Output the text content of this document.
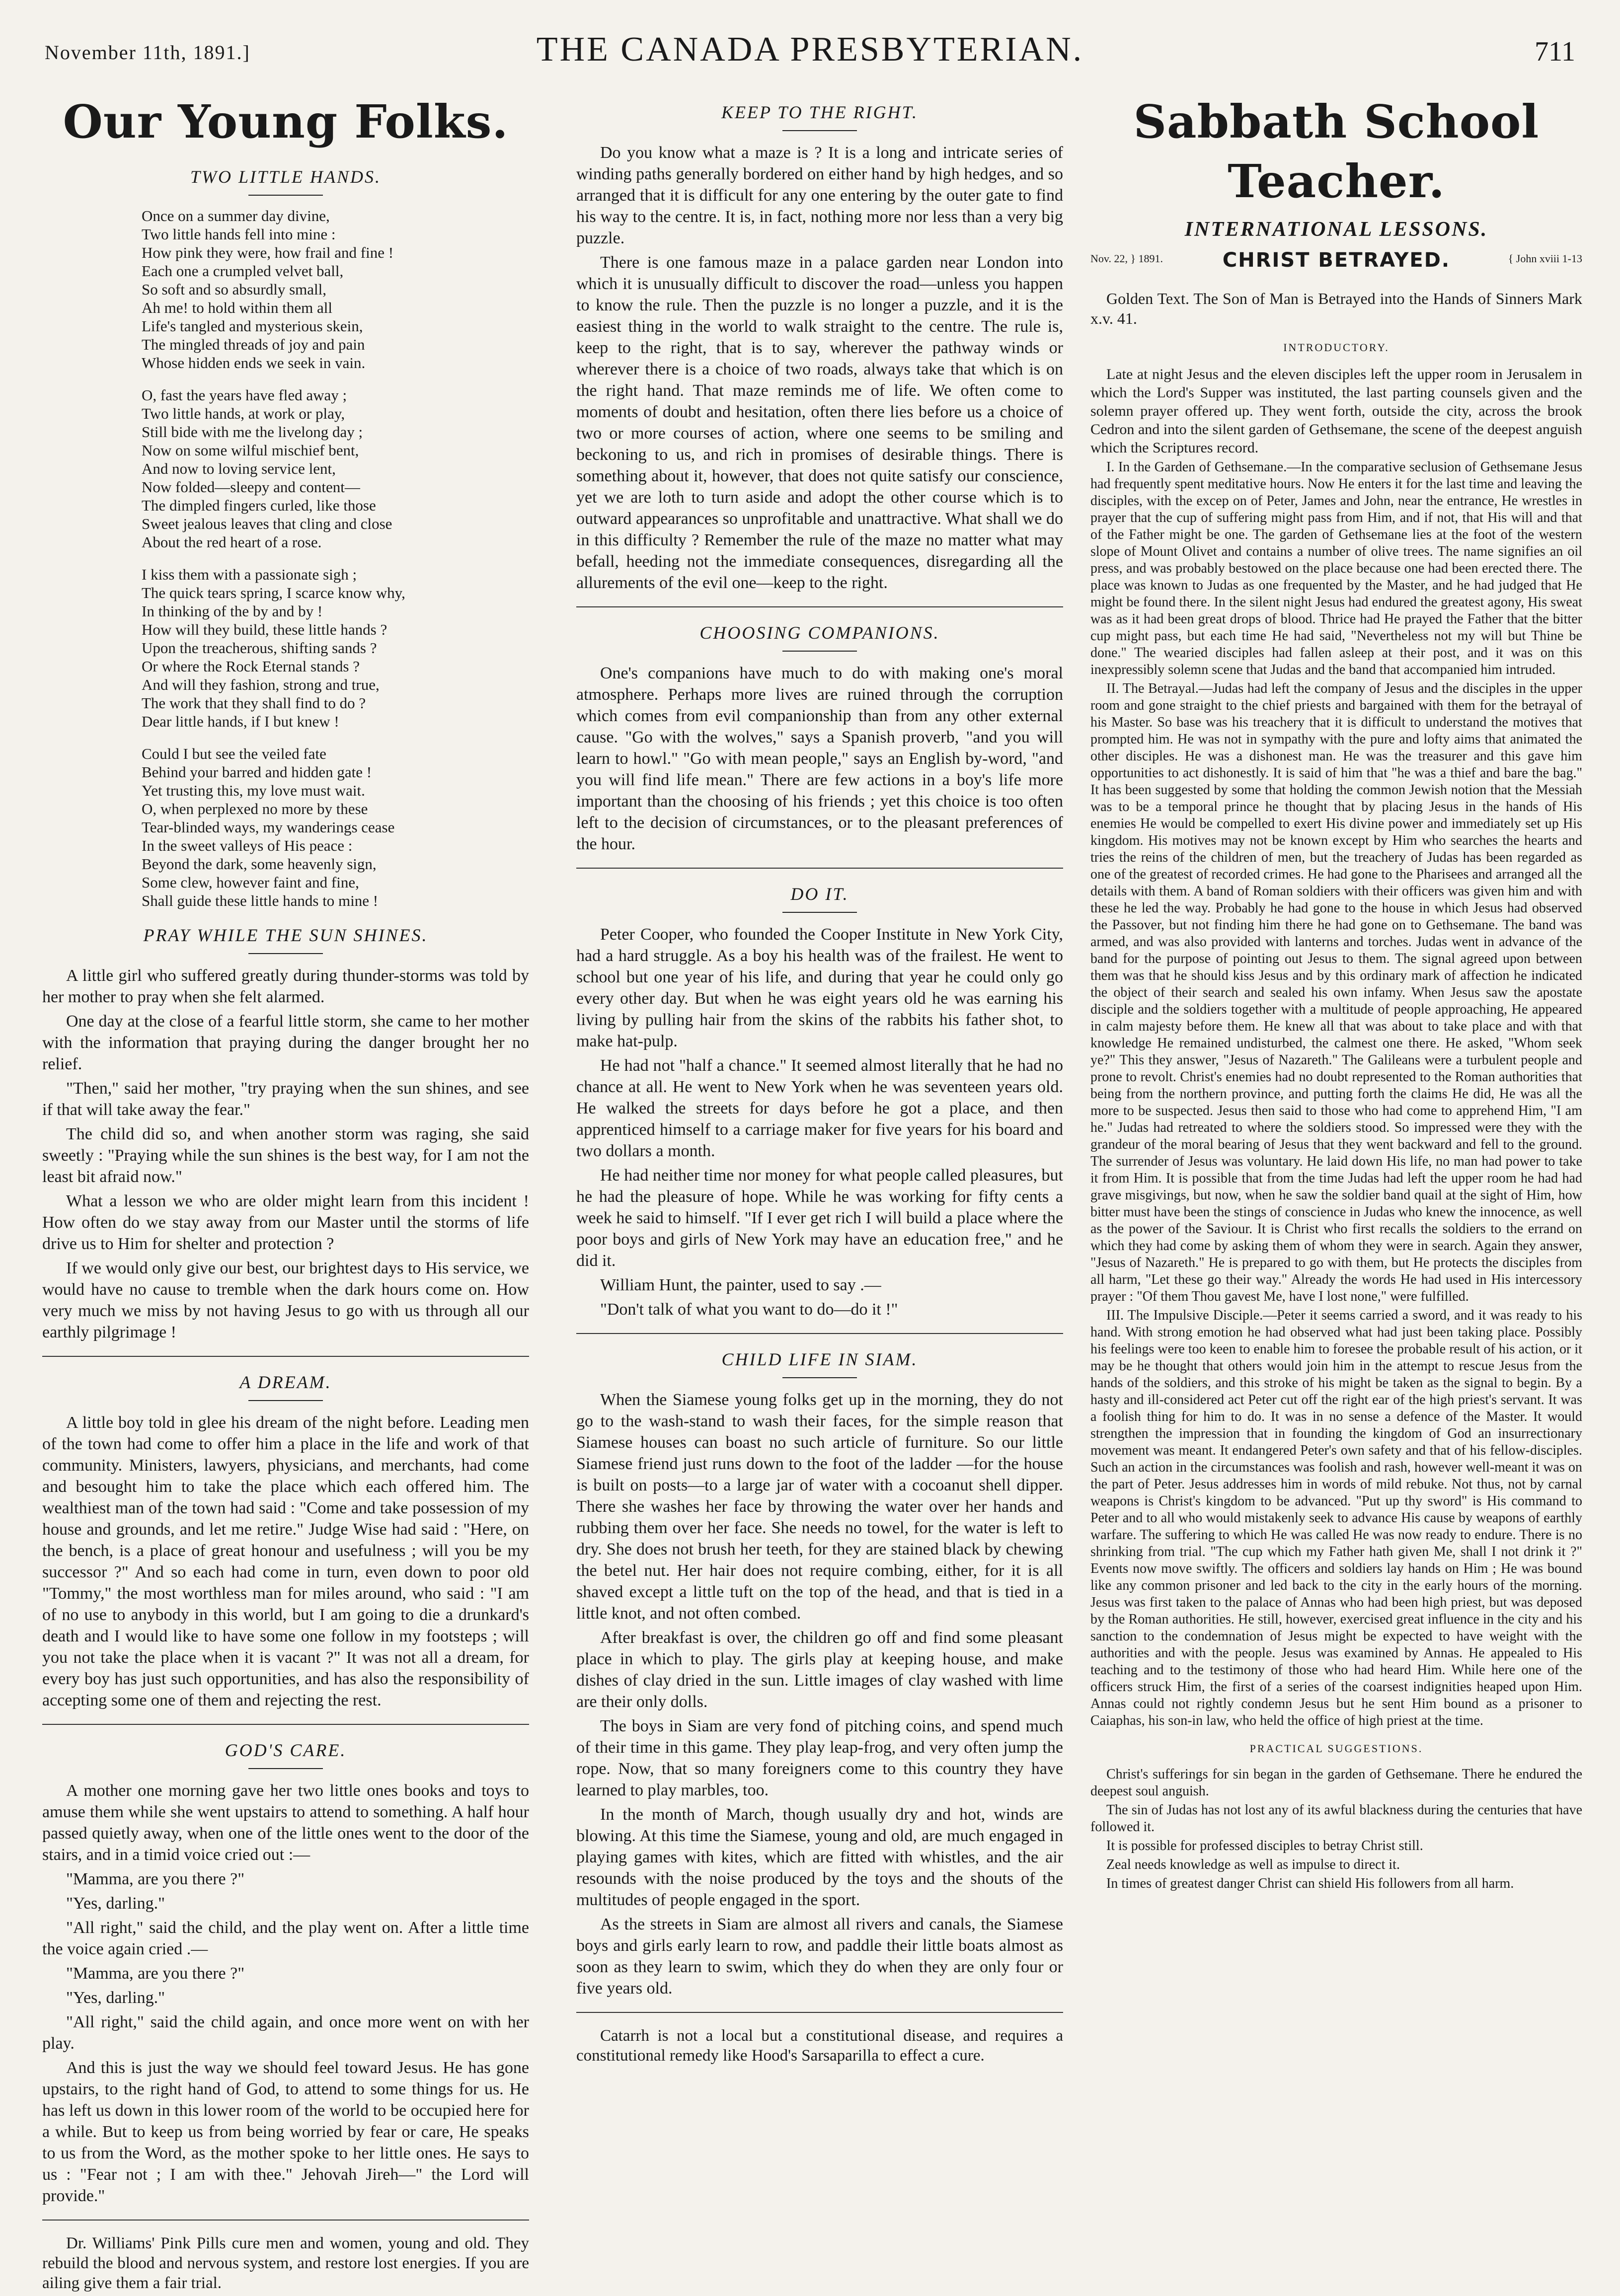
November 11th, 1891.]	THE CANADA PRESBYTERIAN.	711
Our Young Folks.
TWO LITTLE HANDS.
Once on a summer day divine,
Two little hands fell into mine :
How pink they were, how frail and fine !
Each one a crumpled velvet ball,
So soft and so absurdly small,
Ah me! to hold within them all
Life's tangled and mysterious skein,
The mingled threads of joy and pain
Whose hidden ends we seek in vain.
O, fast the years have fled away ;
Two little hands, at work or play,
Still bide with me the livelong day ;
Now on some wilful mischief bent,
And now to loving service lent,
Now folded—sleepy and content—
The dimpled fingers curled, like those
Sweet jealous leaves that cling and close
About the red heart of a rose.
I kiss them with a passionate sigh ;
The quick tears spring, I scarce know why,
In thinking of the by and by !
How will they build, these little hands ?
Upon the treacherous, shifting sands ?
Or where the Rock Eternal stands ?
And will they fashion, strong and true,
The work that they shall find to do ?
Dear little hands, if I but knew !
Could I but see the veiled fate
Behind your barred and hidden gate !
Yet trusting this, my love must wait.
O, when perplexed no more by these
Tear-blinded ways, my wanderings cease
In the sweet valleys of His peace :
Beyond the dark, some heavenly sign,
Some clew, however faint and fine,
Shall guide these little hands to mine !
PRAY WHILE THE SUN SHINES.

A little girl who suffered greatly during thunder-storms was told by her mother to pray when she felt alarmed.

One day at the close of a fearful little storm, she came to her mother with the information that praying during the danger brought her no relief.

"Then," said her mother, "try praying when the sun shines, and see if that will take away the fear."

The child did so, and when another storm was raging, she said sweetly : "Praying while the sun shines is the best way, for I am not the least bit afraid now."

What a lesson we who are older might learn from this incident ! How often do we stay away from our Master until the storms of life drive us to Him for shelter and protection ?

If we would only give our best, our brightest days to His service, we would have no cause to tremble when the dark hours come on. How very much we miss by not having Jesus to go with us through all our earthly pilgrimage !

A DREAM.

A little boy told in glee his dream of the night before. Leading men of the town had come to offer him a place in the life and work of that community. Ministers, lawyers, physicians, and merchants, had come and besought him to take the place which each offered him. The wealthiest man of the town had said : "Come and take possession of my house and grounds, and let me retire." Judge Wise had said : "Here, on the bench, is a place of great honour and usefulness ; will you be my successor ?" And so each had come in turn, even down to poor old "Tommy," the most worthless man for miles around, who said : "I am of no use to anybody in this world, but I am going to die a drunkard's death and I would like to have some one follow in my footsteps ; will you not take the place when it is vacant ?" It was not all a dream, for every boy has just such opportunities, and has also the responsibility of accepting some one of them and rejecting the rest.

GOD'S CARE.

A mother one morning gave her two little ones books and toys to amuse them while she went upstairs to attend to something. A half hour passed quietly away, when one of the little ones went to the door of the stairs, and in a timid voice cried out :—

"Mamma, are you there ?"

"Yes, darling."

"All right," said the child, and the play went on. After a little time the voice again cried .—

"Mamma, are you there ?"

"Yes, darling."

"All right," said the child again, and once more went on with her play.

And this is just the way we should feel toward Jesus. He has gone upstairs, to the right hand of God, to attend to some things for us. He has left us down in this lower room of the world to be occupied here for a while. But to keep us from being worried by fear or care, He speaks to us from the Word, as the mother spoke to her little ones. He says to us : "Fear not ; I am with thee." Jehovah Jireh—" the Lord will provide."

Dr. Williams' Pink Pills cure men and women, young and old. They rebuild the blood and nervous system, and restore lost energies. If you are ailing give them a fair trial.

KEEP TO THE RIGHT.

Do you know what a maze is ? It is a long and intricate series of winding paths generally bordered on either hand by high hedges, and so arranged that it is difficult for any one entering by the outer gate to find his way to the centre. It is, in fact, nothing more nor less than a very big puzzle.

There is one famous maze in a palace garden near London into which it is unusually difficult to discover the road—unless you happen to know the rule. Then the puzzle is no longer a puzzle, and it is the easiest thing in the world to walk straight to the centre. The rule is, keep to the right, that is to say, wherever the pathway winds or wherever there is a choice of two roads, always take that which is on the right hand. That maze reminds me of life. We often come to moments of doubt and hesitation, often there lies before us a choice of two or more courses of action, where one seems to be smiling and beckoning to us, and rich in promises of desirable things. There is something about it, however, that does not quite satisfy our conscience, yet we are loth to turn aside and adopt the other course which is to outward appearances so unprofitable and unattractive. What shall we do in this difficulty ? Remember the rule of the maze no matter what may befall, heeding not the immediate consequences, disregarding all the allurements of the evil one—keep to the right.

CHOOSING COMPANIONS.

One's companions have much to do with making one's moral atmosphere. Perhaps more lives are ruined through the corruption which comes from evil companionship than from any other external cause. "Go with the wolves," says a Spanish proverb, "and you will learn to howl." "Go with mean people," says an English by-word, "and you will find life mean." There are few actions in a boy's life more important than the choosing of his friends ; yet this choice is too often left to the decision of circumstances, or to the pleasant preferences of the hour.

DO IT.

Peter Cooper, who founded the Cooper Institute in New York City, had a hard struggle. As a boy his health was of the frailest. He went to school but one year of his life, and during that year he could only go every other day. But when he was eight years old he was earning his living by pulling hair from the skins of the rabbits his father shot, to make hat-pulp.

He had not "half a chance." It seemed almost literally that he had no chance at all. He went to New York when he was seventeen years old. He walked the streets for days before he got a place, and then apprenticed himself to a carriage maker for five years for his board and two dollars a month.

He had neither time nor money for what people called pleasures, but he had the pleasure of hope. While he was working for fifty cents a week he said to himself. "If I ever get rich I will build a place where the poor boys and girls of New York may have an education free," and he did it.

William Hunt, the painter, used to say .—

"Don't talk of what you want to do—do it !"

CHILD LIFE IN SIAM.

When the Siamese young folks get up in the morning, they do not go to the wash-stand to wash their faces, for the simple reason that Siamese houses can boast no such article of furniture. So our little Siamese friend just runs down to the foot of the ladder —for the house is built on posts—to a large jar of water with a cocoanut shell dipper. There she washes her face by throwing the water over her hands and rubbing them over her face. She needs no towel, for the water is left to dry. She does not brush her teeth, for they are stained black by chewing the betel nut. Her hair does not require combing, either, for it is all shaved except a little tuft on the top of the head, and that is tied in a little knot, and not often combed.

After breakfast is over, the children go off and find some pleasant place in which to play. The girls play at keeping house, and make dishes of clay dried in the sun. Little images of clay washed with lime are their only dolls.

The boys in Siam are very fond of pitching coins, and spend much of their time in this game. They play leap-frog, and very often jump the rope. Now, that so many foreigners come to this country they have learned to play marbles, too.

In the month of March, though usually dry and hot, winds are blowing. At this time the Siamese, young and old, are much engaged in playing games with kites, which are fitted with whistles, and the air resounds with the noise produced by the toys and the shouts of the multitudes of people engaged in the sport.

As the streets in Siam are almost all rivers and canals, the Siamese boys and girls early learn to row, and paddle their little boats almost as soon as they learn to swim, which they do when they are only four or five years old.

Catarrh is not a local but a constitutional disease, and requires a constitutional remedy like Hood's Sarsaparilla to effect a cure.

Sabbath School Teacher.
INTERNATIONAL LESSONS.
Nov. 22, } 1891.	CHRIST BETRAYED.	{ John xviii 1-13

Golden Text. The Son of Man is Betrayed into the Hands of Sinners Mark x.v. 41.

INTRODUCTORY.

Late at night Jesus and the eleven disciples left the upper room in Jerusalem in which the Lord's Supper was instituted, the last parting counsels given and the solemn prayer offered up. They went forth, outside the city, across the brook Cedron and into the silent garden of Gethsemane, the scene of the deepest anguish which the Scriptures record.

I. In the Garden of Gethsemane.—In the comparative seclusion of Gethsemane Jesus had frequently spent meditative hours. Now He enters it for the last time and leaving the disciples, with the excep on of Peter, James and John, near the entrance, He wrestles in prayer that the cup of suffering might pass from Him, and if not, that His will and that of the Father might be one. The garden of Gethsemane lies at the foot of the western slope of Mount Olivet and contains a number of olive trees. The name signifies an oil press, and was probably bestowed on the place because one had been erected there. The place was known to Judas as one frequented by the Master, and he had judged that He might be found there. In the silent night Jesus had endured the greatest agony, His sweat was as it had been great drops of blood. Thrice had He prayed the Father that the bitter cup might pass, but each time He had said, "Nevertheless not my will but Thine be done." The wearied disciples had fallen asleep at their post, and it was on this inexpressibly solemn scene that Judas and the band that accompanied him intruded.

II. The Betrayal.—Judas had left the company of Jesus and the disciples in the upper room and gone straight to the chief priests and bargained with them for the betrayal of his Master. So base was his treachery that it is difficult to understand the motives that prompted him. He was not in sympathy with the pure and lofty aims that animated the other disciples. He was a dishonest man. He was the treasurer and this gave him opportunities to act dishonestly. It is said of him that "he was a thief and bare the bag." It has been suggested by some that holding the common Jewish notion that the Messiah was to be a temporal prince he thought that by placing Jesus in the hands of His enemies He would be compelled to exert His divine power and immediately set up His kingdom. His motives may not be known except by Him who searches the hearts and tries the reins of the children of men, but the treachery of Judas has been regarded as one of the greatest of recorded crimes. He had gone to the Pharisees and arranged all the details with them. A band of Roman soldiers with their officers was given him and with these he led the way. Probably he had gone to the house in which Jesus had observed the Passover, but not finding him there he had gone on to Gethsemane. The band was armed, and was also provided with lanterns and torches. Judas went in advance of the band for the purpose of pointing out Jesus to them. The signal agreed upon between them was that he should kiss Jesus and by this ordinary mark of affection he indicated the object of their search and sealed his own infamy. When Jesus saw the apostate disciple and the soldiers together with a multitude of people approaching, He appeared in calm majesty before them. He knew all that was about to take place and with that knowledge He remained undisturbed, the calmest one there. He asked, "Whom seek ye?" This they answer, "Jesus of Nazareth." The Galileans were a turbulent people and prone to revolt. Christ's enemies had no doubt represented to the Roman authorities that being from the northern province, and putting forth the claims He did, He was all the more to be suspected. Jesus then said to those who had come to apprehend Him, "I am he." Judas had retreated to where the soldiers stood. So impressed were they with the grandeur of the moral bearing of Jesus that they went backward and fell to the ground. The surrender of Jesus was voluntary. He laid down His life, no man had power to take it from Him. It is possible that from the time Judas had left the upper room he had had grave misgivings, but now, when he saw the soldier band quail at the sight of Him, how bitter must have been the stings of conscience in Judas who knew the innocence, as well as the power of the Saviour. It is Christ who first recalls the soldiers to the errand on which they had come by asking them of whom they were in search. Again they answer, "Jesus of Nazareth." He is prepared to go with them, but He protects the disciples from all harm, "Let these go their way." Already the words He had used in His intercessory prayer : "Of them Thou gavest Me, have I lost none," were fulfilled.

III. The Impulsive Disciple.—Peter it seems carried a sword, and it was ready to his hand. With strong emotion he had observed what had just been taking place. Possibly his feelings were too keen to enable him to foresee the probable result of his action, or it may be he thought that others would join him in the attempt to rescue Jesus from the hands of the soldiers, and this stroke of his might be taken as the signal to begin. By a hasty and ill-considered act Peter cut off the right ear of the high priest's servant. It was a foolish thing for him to do. It was in no sense a defence of the Master. It would strengthen the impression that in founding the kingdom of God an insurrectionary movement was meant. It endangered Peter's own safety and that of his fellow-disciples. Such an action in the circumstances was foolish and rash, however well-meant it was on the part of Peter. Jesus addresses him in words of mild rebuke. Not thus, not by carnal weapons is Christ's kingdom to be advanced. "Put up thy sword" is His command to Peter and to all who would mistakenly seek to advance His cause by weapons of earthly warfare. The suffering to which He was called He was now ready to endure. There is no shrinking from trial. "The cup which my Father hath given Me, shall I not drink it ?" Events now move swiftly. The officers and soldiers lay hands on Him ; He was bound like any common prisoner and led back to the city in the early hours of the morning. Jesus was first taken to the palace of Annas who had been high priest, but was deposed by the Roman authorities. He still, however, exercised great influence in the city and his sanction to the condemnation of Jesus might be expected to have weight with the authorities and with the people. Jesus was examined by Annas. He appealed to His teaching and to the testimony of those who had heard Him. While here one of the officers struck Him, the first of a series of the coarsest indignities heaped upon Him. Annas could not rightly condemn Jesus but he sent Him bound as a prisoner to Caiaphas, his son-in law, who held the office of high priest at the time.

PRACTICAL SUGGESTIONS.

Christ's sufferings for sin began in the garden of Gethsemane. There he endured the deepest soul anguish.

The sin of Judas has not lost any of its awful blackness during the centuries that have followed it.

It is possible for professed disciples to betray Christ still.

Zeal needs knowledge as well as impulse to direct it.

In times of greatest danger Christ can shield His followers from all harm.
